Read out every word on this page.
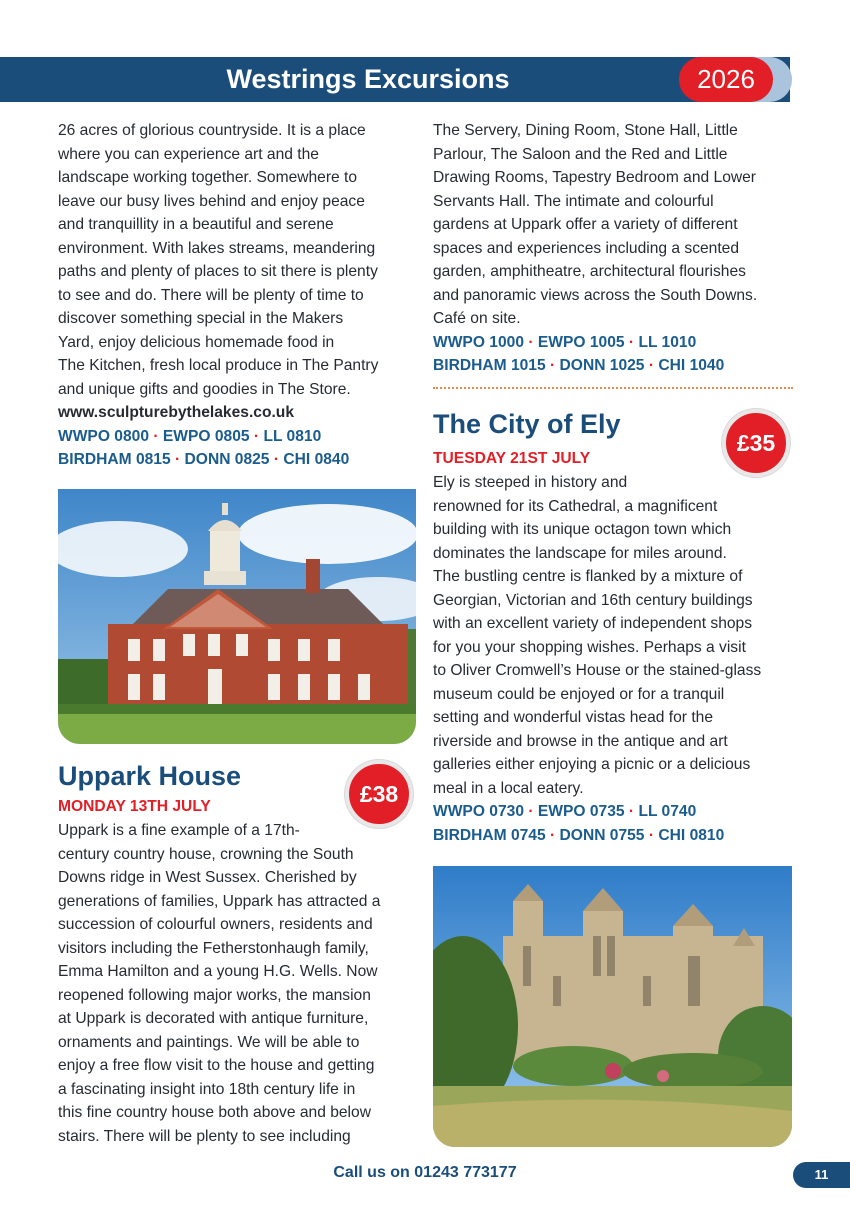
Westrings Excursions	2026
26 acres of glorious countryside. It is a place
where you can experience art and the
landscape working together. Somewhere to
leave our busy lives behind and enjoy peace
and tranquillity in a beautiful and serene
environment. With lakes streams, meandering
paths and plenty of places to sit there is plenty
to see and do. There will be plenty of time to
discover something special in the Makers
Yard, enjoy delicious homemade food in
The Kitchen, fresh local produce in The Pantry
and unique gifts and goodies in The Store.
www.sculpturebythelakes.co.uk
WWPO 0800 · EWPO 0805 · LL 0810
BIRDHAM 0815 · DONN 0825 · CHI 0840
Uppark House
MONDAY 13TH JULY
Uppark is a fine example of a 17th-
century country house, crowning the South
Downs ridge in West Sussex. Cherished by
generations of families, Uppark has attracted a
succession of colourful owners, residents and
visitors including the Fetherstonhaugh family,
Emma Hamilton and a young H.G. Wells. Now
reopened following major works, the mansion
at Uppark is decorated with antique furniture,
ornaments and paintings. We will be able to
enjoy a free flow visit to the house and getting
a fascinating insight into 18th century life in
this fine country house both above and below
stairs. There will be plenty to see including
£38
The Servery, Dining Room, Stone Hall, Little
Parlour, The Saloon and the Red and Little
Drawing Rooms, Tapestry Bedroom and Lower
Servants Hall. The intimate and colourful
gardens at Uppark offer a variety of different
spaces and experiences including a scented
garden, amphitheatre, architectural flourishes
and panoramic views across the South Downs.
Café on site.
WWPO 1000 · EWPO 1005 · LL 1010
BIRDHAM 1015 · DONN 1025 · CHI 1040
The City of Ely
TUESDAY 21ST JULY
Ely is steeped in history and
renowned for its Cathedral, a magnificent
building with its unique octagon town which
dominates the landscape for miles around.
The bustling centre is flanked by a mixture of
Georgian, Victorian and 16th century buildings
with an excellent variety of independent shops
for you your shopping wishes. Perhaps a visit
to Oliver Cromwell’s House or the stained-glass
museum could be enjoyed or for a tranquil
setting and wonderful vistas head for the
riverside and browse in the antique and art
galleries either enjoying a picnic or a delicious
meal in a local eatery.
WWPO 0730 · EWPO 0735 · LL 0740
BIRDHAM 0745 · DONN 0755 · CHI 0810
£35
Call us on 01243 773177	11
